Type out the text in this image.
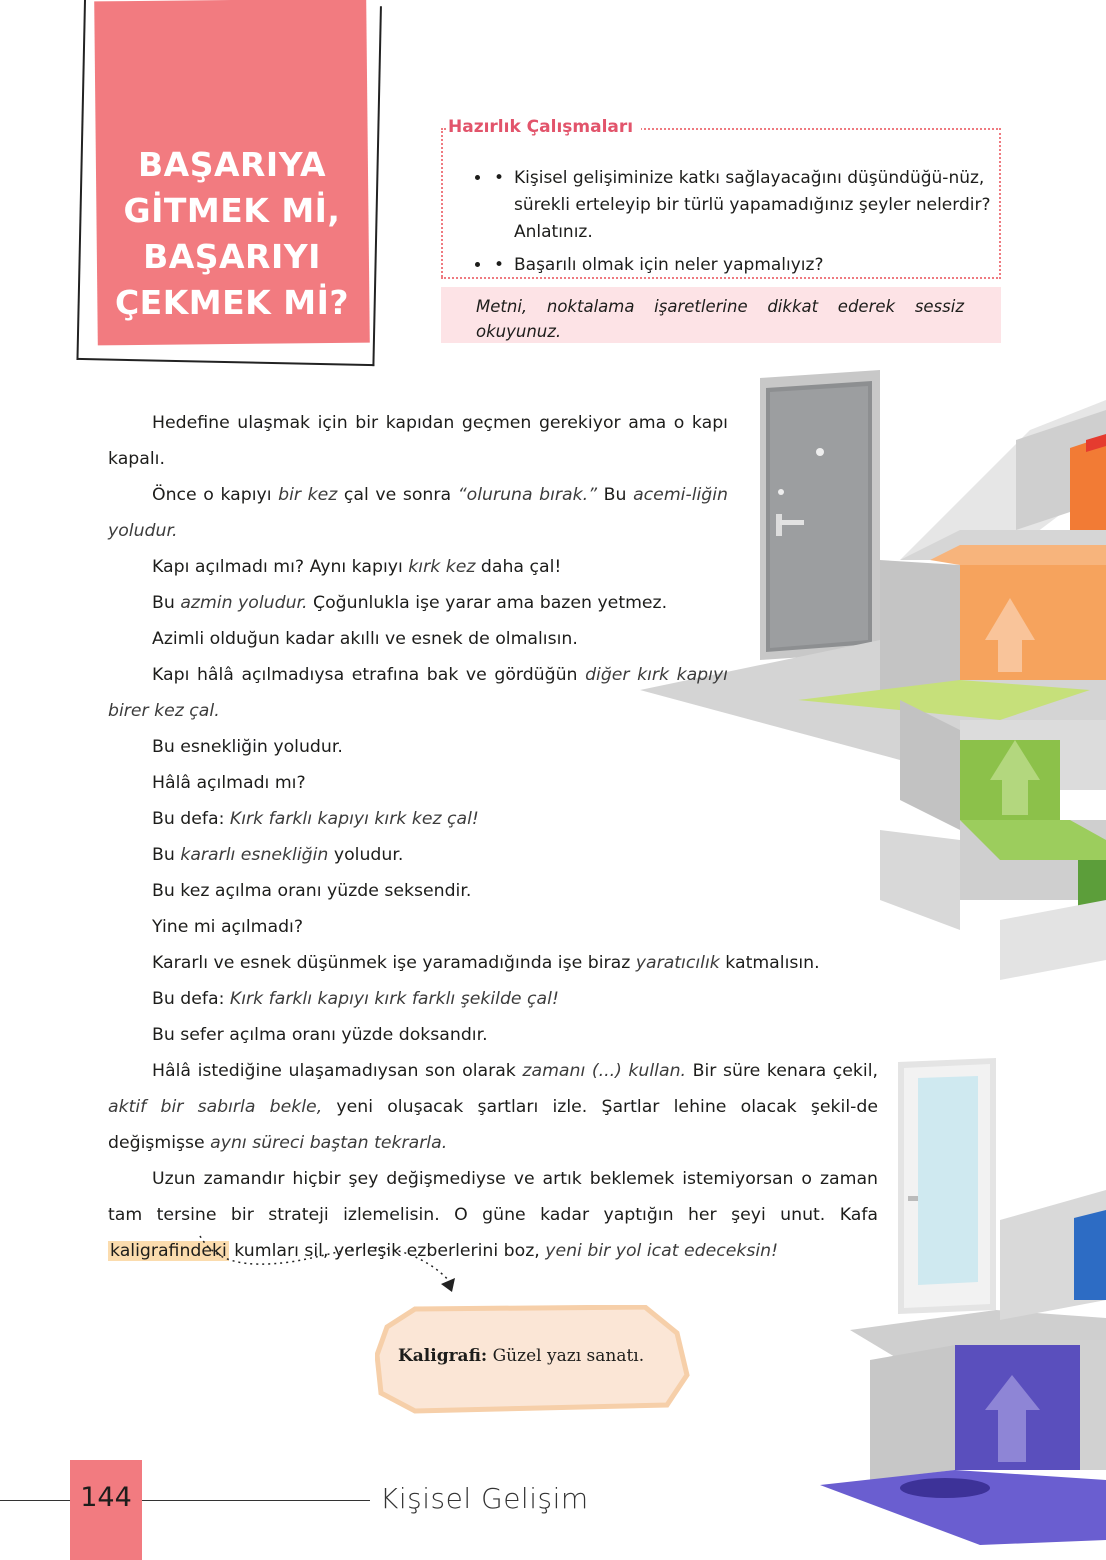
BAŞARIYA
GİTMEK Mİ,
BAŞARIYI
ÇEKMEK Mİ?
Hazırlık Çalışmaları
• • Kişisel gelişiminize katkı sağlayacağını düşündüğü-nüz, sürekli erteleyip bir türlü yapamadığınız şeyler nelerdir? Anlatınız.
• • Başarılı olmak için neler yapmalıyız?
Metni, noktalama işaretlerine dikkat ederek sessiz okuyunuz.

Hedefine ulaşmak için bir kapıdan geçmen gerekiyor ama o kapı kapalı.

Önce o kapıyı bir kez çal ve sonra “oluruna bırak.” Bu acemi-liğin yoludur.

Kapı açılmadı mı? Aynı kapıyı kırk kez daha çal!

Bu azmin yoludur. Çoğunlukla işe yarar ama bazen yetmez.

Azimli olduğun kadar akıllı ve esnek de olmalısın.

Kapı hâlâ açılmadıysa etrafına bak ve gördüğün diğer kırk kapıyı birer kez çal.

Bu esnekliğin yoludur.

Hâlâ açılmadı mı?

Bu defa: Kırk farklı kapıyı kırk kez çal!

Bu kararlı esnekliğin yoludur.

Bu kez açılma oranı yüzde seksendir.

Yine mi açılmadı?

Kararlı ve esnek düşünmek işe yaramadığında işe biraz yaratıcılık katmalısın.

Bu defa: Kırk farklı kapıyı kırk farklı şekilde çal!

Bu sefer açılma oranı yüzde doksandır.

Hâlâ istediğine ulaşamadıysan son olarak zamanı (...) kullan. Bir süre kenara çekil, aktif bir sabırla bekle, yeni oluşacak şartları izle. Şartlar lehine olacak şekil-de değişmişse aynı süreci baştan tekrarla.

Uzun zamandır hiçbir şey değişmediyse ve artık beklemek istemiyorsan o zaman tam tersine bir strateji izlemelisin. O güne kadar yaptığın her şeyi unut. Kafa kaligrafindeki kumları sil, yerleşik ezberlerini boz, yeni bir yol icat edeceksin!

Kaligrafi: Güzel yazı sanatı.
144	Kişisel Gelişim
